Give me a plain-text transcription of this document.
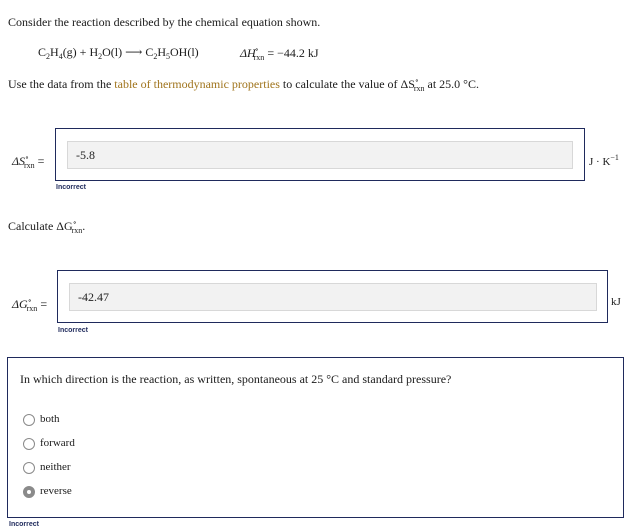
Consider the reaction described by the chemical equation shown.
$C_2H_4(g) + H_2O(l)$ ⟶ $C_2H_5OH(l)$	$\Delta H^\circ_{rxn} = -44.2$ kJ
Use the data from the table of thermodynamic properties to calculate the value of $\Delta S^\circ_{rxn}$ at 25.0 °C.
$\Delta S^\circ_{rxn}$ =	-5.8
Incorrect
$J \cdot K^{-1}$
Calculate $\Delta G^\circ_{rxn}$.
$\Delta G^\circ_{rxn}$ =	-42.47
Incorrect
kJ
In which direction is the reaction, as written, spontaneous at 25 °C and standard pressure?
both
forward
neither
reverse
Incorrect
